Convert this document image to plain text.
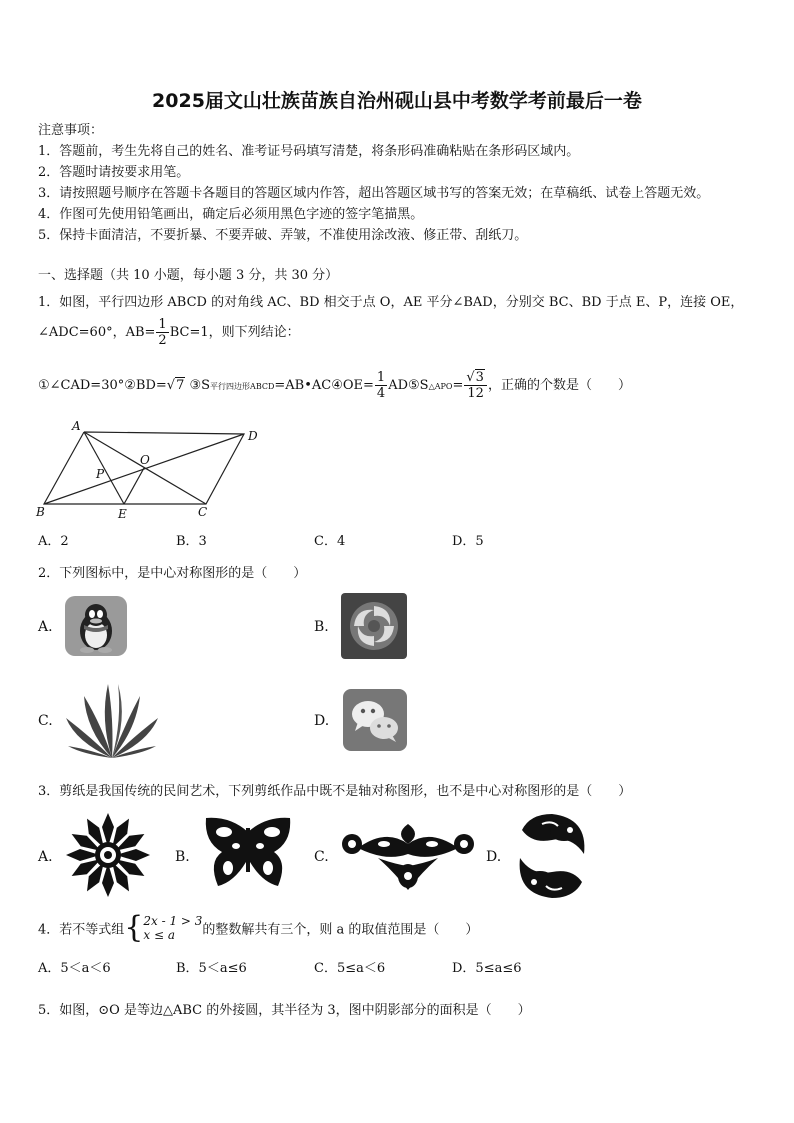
2025届文山壮族苗族自治州砚山县中考数学考前最后一卷
注意事项：
1．答题前，考生先将自己的姓名、准考证号码填写清楚，将条形码准确粘贴在条形码区域内。
2．答题时请按要求用笔。
3．请按照题号顺序在答题卡各题目的答题区域内作答，超出答题区域书写的答案无效；在草稿纸、试卷上答题无效。
4．作图可先使用铅笔画出，确定后必须用黑色字迹的签字笔描黑。
5．保持卡面清洁，不要折暴、不要弄破、弄皱，不准使用涂改液、修正带、刮纸刀。
一、选择题（共 10 小题，每小题 3 分，共 30 分）
1．如图，平行四边形 ABCD 的对角线 AC、BD 相交于点 O，AE 平分∠BAD，分别交 BC、BD 于点 E、P，连接 OE，
∠ADC=60°，$AB= \frac{1}{2} BC=1$，则下列结论：
①∠CAD=30°②BD=√7 ③S平行四边形ABCD=AB•AC④OE= $\frac{1}{4}$ AD⑤S△APO= $\frac{√3}{12}$ ，正确的个数是（　　）
A
D
O
P
B	E	C
A．2	B．3	C．4	D．5
2．下列图标中，是中心对称图形的是（　　）
A.	B.
C.	D.
3．剪纸是我国传统的民间艺术，下列剪纸作品中既不是轴对称图形，也不是中心对称图形的是（　　）
A.	B.	C.	D.
4．若不等式组{ 2x - 1 > 3
x ≤ a	的整数解共有三个，则 a 的取值范围是（　　）
A．5＜a＜6	B．5＜a≤6	C．5≤a＜6	D．5≤a≤6
5．如图，⊙O 是等边△ABC 的外接圆，其半径为 3，图中阴影部分的面积是（　　）
